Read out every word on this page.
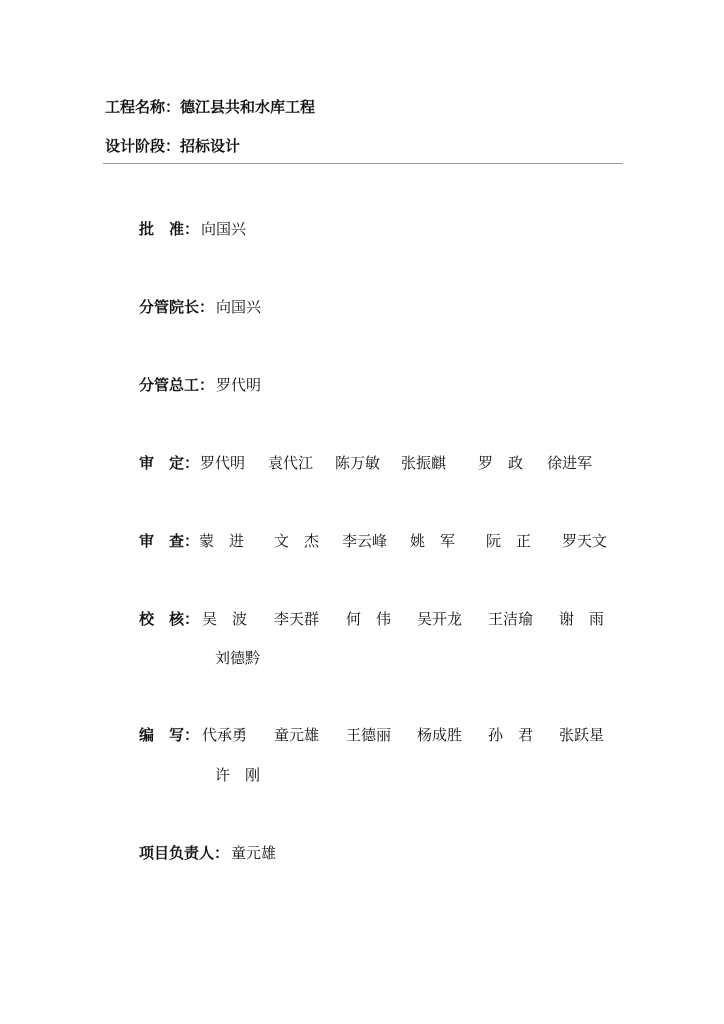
工程名称：德江县共和水库工程
设计阶段：招标设计
批　准： 向国兴
分管院长： 向国兴
分管总工： 罗代明
审　定：罗代明 袁代江 陈万敏 张振麒 罗　政 徐进军
审　查：蒙　进 文　杰 李云峰 姚　军 阮　正 罗天文
校　核： 吴　波 李天群 何　伟 吴开龙 王洁瑜 谢　雨
刘德黔
编　写： 代承勇 童元雄 王德丽 杨成胜 孙　君 张跃星
许　刚
项目负责人： 童元雄
